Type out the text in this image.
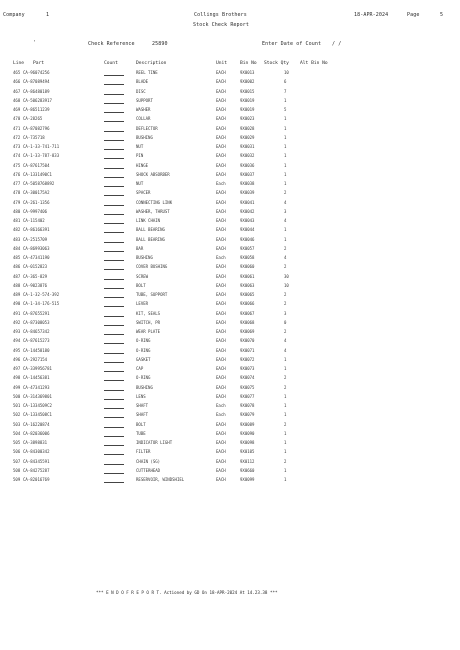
Company	1	Collings Brothers	18-APR-2024	Page	5
Stock Check Report
'	Check Reference	25890	Enter Date of Count / /
Line Part	Count	Description	Unit	Bin No Stock Qty Alt Bin No
465 CA-96074256	REEL TINE	EACH	9X0013	10
466 CA-87089494	BLADE	EACH	9X0002	6
467 CA-86480189	DISC	EACH	9X0015	7
468 CA-506283917	SUPPORT	EACH	9X0019	1
469 CA-86511239	WASHER	EACH	9X0019	5
470 CA-28265	COLLAR	EACH	9X0023	1
471 CA-87082796	DEFLECTOR	EACH	9X0028	1
472 CA-735718	BUSHING	EACH	9X0029	1
473 CA-1-33-741-711	NUT	EACH	9X0031	1
474 CA-1-33-787-833	PIN	EACH	9X0032	1
475 CA-87617504	HINGE	EACH	9X0036	1
476 CA-1331490C1	SHOCK ABSORBER	EACH	9X0037	1
477 CA-5058768892	NUT	Each	9X0038	1
478 CA-300175A2	SPACER	EACH	9X0039	2
479 CA-261-1356	CONNECTING LINK	EACH	9X0041	4
480 CA-9997406	WASHER, THRUST	EACH	9X0042	3
481 CA-115402	LINK CHAIN	EACH	9X0043	4
482 CA-86166391	BALL BEARING	EACH	9X0044	1
483 CA-2515709	BALL BEARING	EACH	9X0046	1
484 CA-86993063	BAR	EACH	9X0057	2
485 CA-47341190	BUSHING	Each	9X0058	4
486 CA-0152823	COVER BUSHING	EACH	9X0060	2
487 CA-365-829	SCREW	EACH	9X0061	30
488 CA-9023876	BOLT	EACH	9X0063	10
489 CA-1-32-574-392	TUBE, SUPPORT	EACH	9X0065	2
490 CA-1-34-176-515	LEVER	EACH	9X0066	2
491 CA-87655291	KIT, SEALS	EACH	9X0067	3
492 CA-87308053	SWITCH, PR	EACH	9X0068	0
493 CA-84657342	WEAR PLATE	EACH	9X0069	2
494 CA-87615273	O-RING	EACH	9X0070	4
495 CA-14458180	O-RING	EACH	9X0071	4
496 CA-2927154	GASKET	EACH	9X0072	1
497 CA-339956781	CAP	EACH	9X0073	1
498 CA-14456381	O-RING	EACH	9X0074	2
499 CA-47341293	BUSHING	EACH	9X0075	2
500 CA-314369801	LENS	EACH	9X0077	1
501 CA-1334509C2	SHAFT	Each	9X0078	1
502 CA-1334508C1	SHAFT	Each	9X0079	1
503 CA-16220874	BOLT	EACH	9X0089	2
504 CA-82036006	TUBE	EACH	9X0090	1
505 CA-3898831	INDICATOR LIGHT	EACH	9X0098	1
506 CA-84300342	FILTER	EACH	9X0105	1
507 CA-84345591	CHAIN (SG)	EACH	9X0112	2
508 CA-84275287	CUTTERHEAD	EACH	9X0660	1
509 CA-82016769	RESERVOIR, WINDSHIEL	EACH	9X0099	1
*** E N D O F R E P O R T. Actioned by GD On 18-APR-2024 At 14.23.38 ***
